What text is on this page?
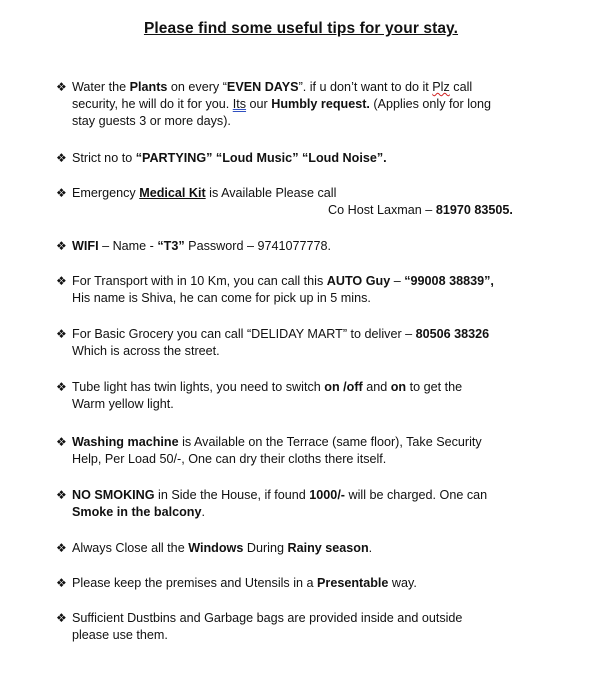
Please find some useful tips for your stay.
❖ Water the Plants on every “EVEN DAYS”. if u don’t want to do it Plz call
security, he will do it for you. Its our Humbly request. (Applies only for long
stay guests 3 or more days).
❖ Strict no to “PARTYING” “Loud Music” “Loud Noise”.
❖ Emergency Medical Kit is Available Please call
Co Host Laxman – 81970 83505.
❖ WIFI – Name - “T3” Password – 9741077778.
❖ For Transport with in 10 Km, you can call this AUTO Guy – “99008 38839”,
His name is Shiva, he can come for pick up in 5 mins.
❖ For Basic Grocery you can call “DELIDAY MART” to deliver – 80506 38326
Which is across the street.
❖ Tube light has twin lights, you need to switch on /off and on to get the
Warm yellow light.
❖ Washing machine is Available on the Terrace (same floor), Take Security
Help, Per Load 50/-, One can dry their cloths there itself.
❖ NO SMOKING in Side the House, if found 1000/- will be charged. One can
Smoke in the balcony.
❖ Always Close all the Windows During Rainy season.
❖ Please keep the premises and Utensils in a Presentable way.
❖ Sufficient Dustbins and Garbage bags are provided inside and outside
please use them.
